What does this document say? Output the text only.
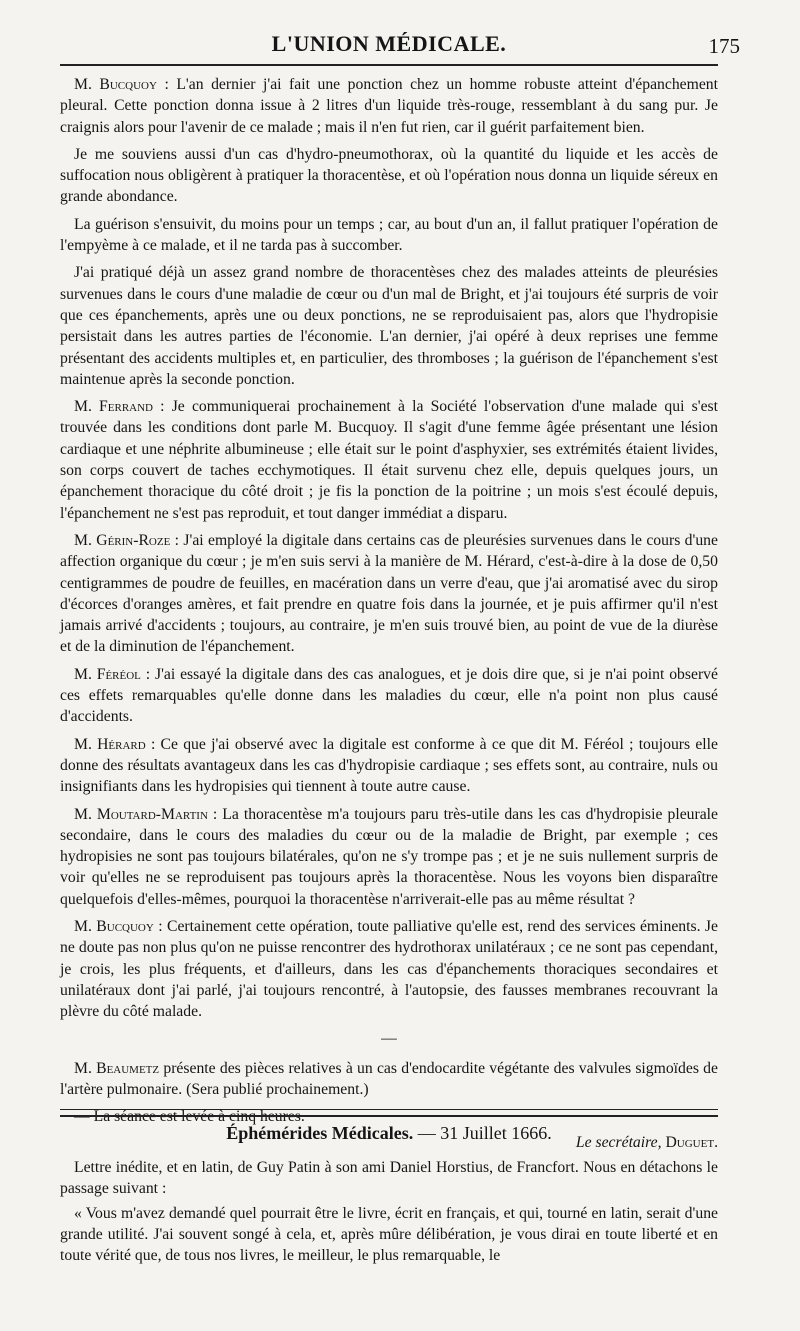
L'UNION MÉDICALE.	175

M. Bucquoy : L'an dernier j'ai fait une ponction chez un homme robuste atteint d'épanchement pleural. Cette ponction donna issue à 2 litres d'un liquide très-rouge, ressemblant à du sang pur. Je craignis alors pour l'avenir de ce malade ; mais il n'en fut rien, car il guérit parfaitement bien.

Je me souviens aussi d'un cas d'hydro-pneumothorax, où la quantité du liquide et les accès de suffocation nous obligèrent à pratiquer la thoracentèse, et où l'opération nous donna un liquide séreux en grande abondance.

La guérison s'ensuivit, du moins pour un temps ; car, au bout d'un an, il fallut pratiquer l'opération de l'empyème à ce malade, et il ne tarda pas à succomber.

J'ai pratiqué déjà un assez grand nombre de thoracentèses chez des malades atteints de pleurésies survenues dans le cours d'une maladie de cœur ou d'un mal de Bright, et j'ai toujours été surpris de voir que ces épanchements, après une ou deux ponctions, ne se reproduisaient pas, alors que l'hydropisie persistait dans les autres parties de l'économie. L'an dernier, j'ai opéré à deux reprises une femme présentant des accidents multiples et, en particulier, des thromboses ; la guérison de l'épanchement s'est maintenue après la seconde ponction.

M. Ferrand : Je communiquerai prochainement à la Société l'observation d'une malade qui s'est trouvée dans les conditions dont parle M. Bucquoy. Il s'agit d'une femme âgée présentant une lésion cardiaque et une néphrite albumineuse ; elle était sur le point d'asphyxier, ses extrémités étaient livides, son corps couvert de taches ecchymotiques. Il était survenu chez elle, depuis quelques jours, un épanchement thoracique du côté droit ; je fis la ponction de la poitrine ; un mois s'est écoulé depuis, l'épanchement ne s'est pas reproduit, et tout danger immédiat a disparu.

M. Gérin-Roze : J'ai employé la digitale dans certains cas de pleurésies survenues dans le cours d'une affection organique du cœur ; je m'en suis servi à la manière de M. Hérard, c'est-à-dire à la dose de 0,50 centigrammes de poudre de feuilles, en macération dans un verre d'eau, que j'ai aromatisé avec du sirop d'écorces d'oranges amères, et fait prendre en quatre fois dans la journée, et je puis affirmer qu'il n'est jamais arrivé d'accidents ; toujours, au contraire, je m'en suis trouvé bien, au point de vue de la diurèse et de la diminution de l'épanchement.

M. Féréol : J'ai essayé la digitale dans des cas analogues, et je dois dire que, si je n'ai point observé ces effets remarquables qu'elle donne dans les maladies du cœur, elle n'a point non plus causé d'accidents.

M. Hérard : Ce que j'ai observé avec la digitale est conforme à ce que dit M. Féréol ; toujours elle donne des résultats avantageux dans les cas d'hydropisie cardiaque ; ses effets sont, au contraire, nuls ou insignifiants dans les hydropisies qui tiennent à toute autre cause.

M. Moutard-Martin : La thoracentèse m'a toujours paru très-utile dans les cas d'hydropisie pleurale secondaire, dans le cours des maladies du cœur ou de la maladie de Bright, par exemple ; ces hydropisies ne sont pas toujours bilatérales, qu'on ne s'y trompe pas ; et je ne suis nullement surpris de voir qu'elles ne se reproduisent pas toujours après la thoracentèse. Nous les voyons bien disparaître quelquefois d'elles-mêmes, pourquoi la thoracentèse n'arriverait-elle pas au même résultat ?

M. Bucquoy : Certainement cette opération, toute palliative qu'elle est, rend des services éminents. Je ne doute pas non plus qu'on ne puisse rencontrer des hydrothorax unilatéraux ; ce ne sont pas cependant, je crois, les plus fréquents, et d'ailleurs, dans les cas d'épanchements thoraciques secondaires et unilatéraux dont j'ai parlé, j'ai toujours rencontré, à l'autopsie, des fausses membranes recouvrant la plèvre du côté malade.

—

M. Beaumetz présente des pièces relatives à un cas d'endocardite végétante des valvules sigmoïdes de l'artère pulmonaire. (Sera publié prochainement.)

— La séance est levée à cinq heures.

Le secrétaire, Duguet.
Éphémérides Médicales. — 31 Juillet 1666.

Lettre inédite, et en latin, de Guy Patin à son ami Daniel Horstius, de Francfort. Nous en détachons le passage suivant :

« Vous m'avez demandé quel pourrait être le livre, écrit en français, et qui, tourné en latin, serait d'une grande utilité. J'ai souvent songé à cela, et, après mûre délibération, je vous dirai en toute liberté et en toute vérité que, de tous nos livres, le meilleur, le plus remarquable, le
